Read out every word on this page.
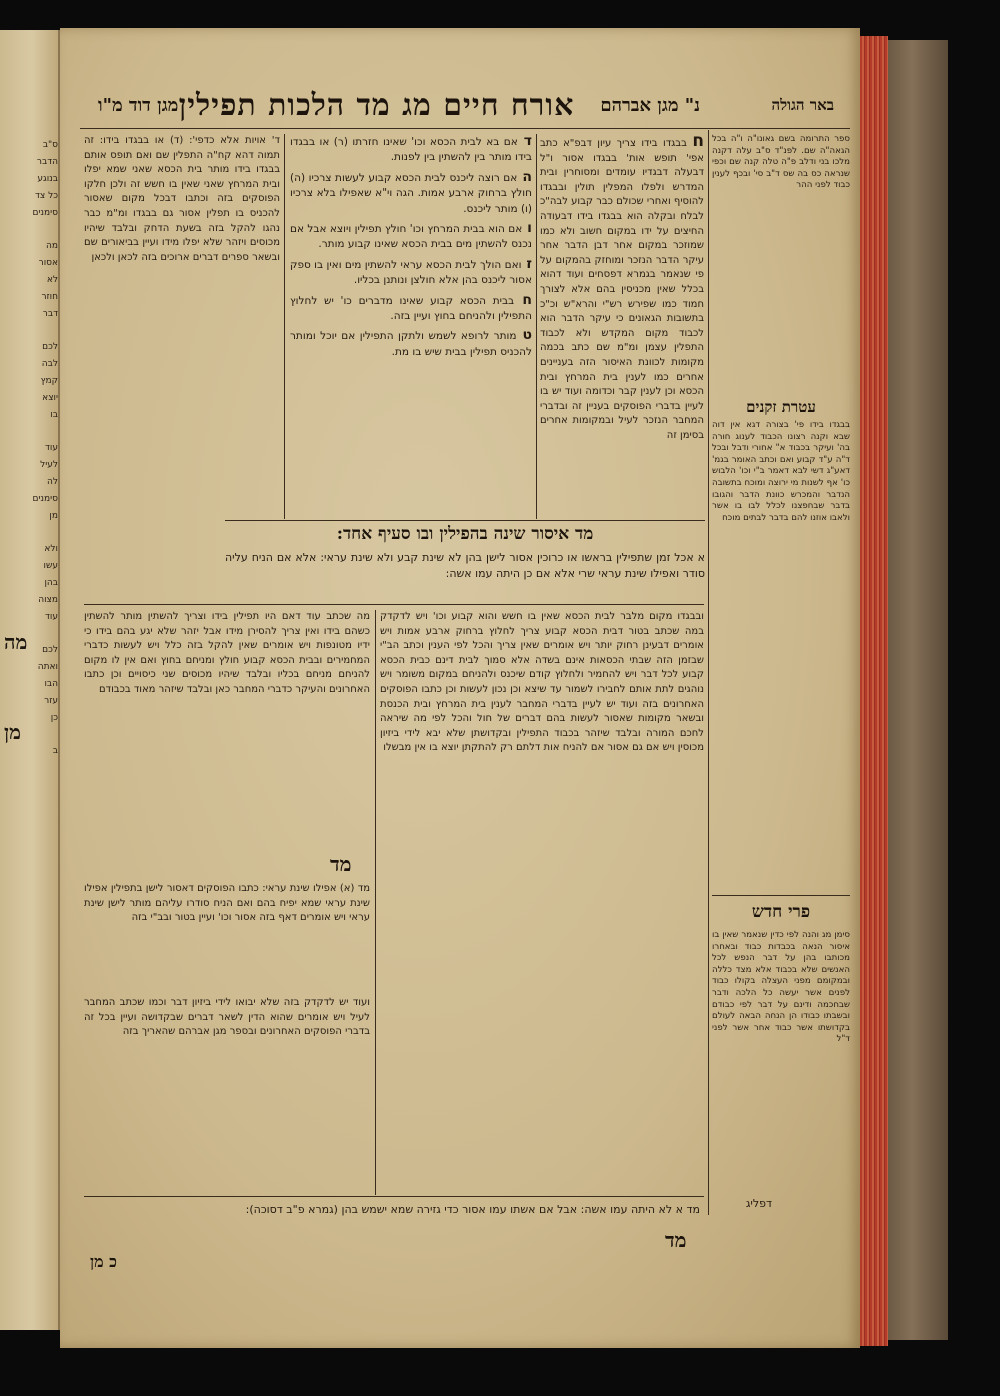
ס"ב
הדבר
בנוגע
כל צד
סימנים
מה
אסור
לא
חוזר
דבר
לכם
לבה
קמץ
יוצא
בו
עוד
לעיל
לה
סימנים
מן
ולא
עשו
בהן
מצוה
עוד
לכם
ואתה
הבו
עזר
כן
ב
מה
מן
באר הגולה
נ" מגן אברהם
אורח חיים מג מד הלכות תפילין
מגן דוד מ"ו
ספר התרומה בשם גאונו"ה ו"ה בכל הגאה"ה שם. לפנ"ד ס"ב עלה דקנה מלכו בני ודלב פ"ה טלה קנה שם וכפי שנראה כס בה שס ד"ב סי' ובכף לענין כבוד לפני ההר
עטרת זקנים
בבגדו בידו פי' בצורה דגא אין דוה שבא וקנה רצונו הכבוד לענוג חורה בה' ועיקר בכבוד א" אחורי ודבל ובכל ד"ה ע"ד קבוע ואם וכתב האומר בגמ' דאע"ג דשי לבא דאמר ב"י וכו' הלבוש כו' אף לשנות מי ירוצה ומוכח בתשובה הנדבר והמכרש כוונת הדבר והגובו בדבר שבחפצנו לכלל לבו בו אשר ולאבו אוזנו להם בדבר לבתים מוכח
פרי חדש
סימן מג והנה לפי כדין שנאמר שאין בו איסור הנאה בכבדות כבוד ובאחרו מכותבו בהן על דבר הנפש לכל האנשים שלא בכבוד אלא מצד כללה ובמקומם מפני העצלה בקולו כבוד לפנים אשר יעשה כל הלכה ודבר שבחכמה ודינם על דבר לפי כבודם ובשבתו כבודו הן הנחה הבאה לעולם בקדושתו אשר כבוד אחר אשר לפני ד"ל
דפליג
ח בבגדו בידו צריך עיון דבפ"א כתב אפי' תופש אות' בבגדו אסור ו"ל דבעלה דבגדיו עומדים ומסוחרין ובית המדרש ולפלו המפלין תולין ובבגדו להוסיף ואחרי שכולם כבר קבוע לבה"כ לבלח ובקלה הוא בבגדו בידו דבעודה החיצים על ידו במקום חשוב ולא כמו שמוזכר במקום אחר דבן הדבר אחר עיקר הדבר הנזכר ומוחזק בהמקום על פי שנאמר בגמרא דפסחים ועוד דהוא בכלל שאין מכניסין בהם אלא לצורך חמוד כמו שפירש רש"י והרא"ש וכ"כ בתשובות הגאונים כי עיקר הדבר הוא לכבוד מקום המקדש ולא לכבוד התפלין עצמן ומ"מ שם כתב בכמה מקומות לכוונת האיסור הזה בעניינים אחרים כמו לענין בית המרחץ ובית הכסא וכן לענין קבר וכדומה ועוד יש בו לעיין בדברי הפוסקים בעניין זה ובדברי המחבר הנזכר לעיל ובמקומות אחרים בסימן זה
ד' אויות אלא כדפי': (ד) או בבגדו בידו: זה תמוה דהא קח"ה התפלין שם ואם תופס אותם בבגדו בידו מותר בית הכסא שאני שמא יפלו ובית המרחץ שאני שאין בו חשש זה ולכן חלקו הפוסקים בזה וכתבו דבכל מקום שאסור להכניס בו תפלין אסור גם בבגדו ומ"מ כבר נהגו להקל בזה בשעת הדחק ובלבד שיהיו מכוסים ויזהר שלא יפלו מידו ועיין בביאורים שם ובשאר ספרים דברים ארוכים בזה לכאן ולכאן
ד אם בא לבית הכסא וכו' שאינו חזרתו (ר) או בבגדו בידו מותר בין להשתין בין לפנות.
ה אם רוצה ליכנס לבית הכסא קבוע לעשות צרכיו (ה) חולץ ברחוק ארבע אמות. הגה וי"א שאפילו בלא צרכיו (ו) מותר ליכנס.
ו אם הוא בבית המרחץ וכו' חולץ תפילין ויוצא אבל אם נכנס להשתין מים בבית הכסא שאינו קבוע מותר.
ז ואם הולך לבית הכסא עראי להשתין מים ואין בו ספק אסור ליכנס בהן אלא חולצן ונותנן בכליו.
ח בבית הכסא קבוע שאינו מדברים כו' יש לחלוץ התפילין ולהניחם בחוץ ועיין בזה.
ט מותר לרופא לשמש ולתקן התפילין אם יוכל ומותר להכניס תפילין בבית שיש בו מת.
מד איסור שינה בהפילין ובו סעיף אחד:
א אכל זמן שתפילין בראשו או כרוכין אסור לישן בהן לא שינת קבע ולא שינת עראי: אלא אם הניח עליה סודר ואפילו שינת עראי שרי אלא אם כן היתה עמו אשה:
ובבגדו מקום מלבר לבית הכסא שאין בו חשש והוא קבוע וכו' ויש לדקדק במה שכתב בטור דבית הכסא קבוע צריך לחלוץ ברחוק ארבע אמות ויש אומרים דבעינן רחוק יותר ויש אומרים שאין צריך והכל לפי הענין וכתב הב"י שבזמן הזה שבתי הכסאות אינם בשדה אלא סמוך לבית דינם כבית הכסא קבוע לכל דבר ויש להחמיר ולחלוץ קודם שיכנס ולהניחם במקום משומר ויש נוהגים לתת אותם לחבירו לשמור עד שיצא וכן נכון לעשות וכן כתבו הפוסקים האחרונים בזה ועוד יש לעיין בדברי המחבר לענין בית המרחץ ובית הכנסת ובשאר מקומות שאסור לעשות בהם דברים של חול והכל לפי מה שיראה לחכם המורה ובלבד שיזהר בכבוד התפילין ובקדושתן שלא יבא לידי ביזיון מכוסין ויש אם גם אסור אם להניח אות דלתם רק להתקתן יוצא בו אין מבשלו
מה שכתב עוד דאם היו תפילין בידו וצריך להשתין מותר להשתין כשהם בידו ואין צריך להסירן מידו אבל יזהר שלא יגע בהם בידו כי ידיו מטונפות ויש אומרים שאין להקל בזה כלל ויש לעשות כדברי המחמירים ובבית הכסא קבוע חולץ ומניחם בחוץ ואם אין לו מקום להניחם מניחם בכליו ובלבד שיהיו מכוסים שני כיסויים וכן כתבו האחרונים והעיקר כדברי המחבר כאן ובלבד שיזהר מאוד בכבודם
מד
מד (א) אפילו שינת עראי: כתבו הפוסקים דאסור לישן בתפילין אפילו שינת עראי שמא יפיח בהם ואם הניח סודרו עליהם מותר לישן שינת עראי ויש אומרים דאף בזה אסור וכו' ועיין בטור ובב"י בזה
ועוד יש לדקדק בזה שלא יבואו לידי ביזיון דבר וכמו שכתב המחבר לעיל ויש אומרים שהוא הדין לשאר דברים שבקדושה ועיין בכל זה בדברי הפוסקים האחרונים ובספר מגן אברהם שהאריך בזה
מד א לא היתה עמו אשה: אבל אם אשתו עמו אסור כדי גזירה שמא ישמש בהן (גמרא פ"ב דסוכה):
מד
כ מן
